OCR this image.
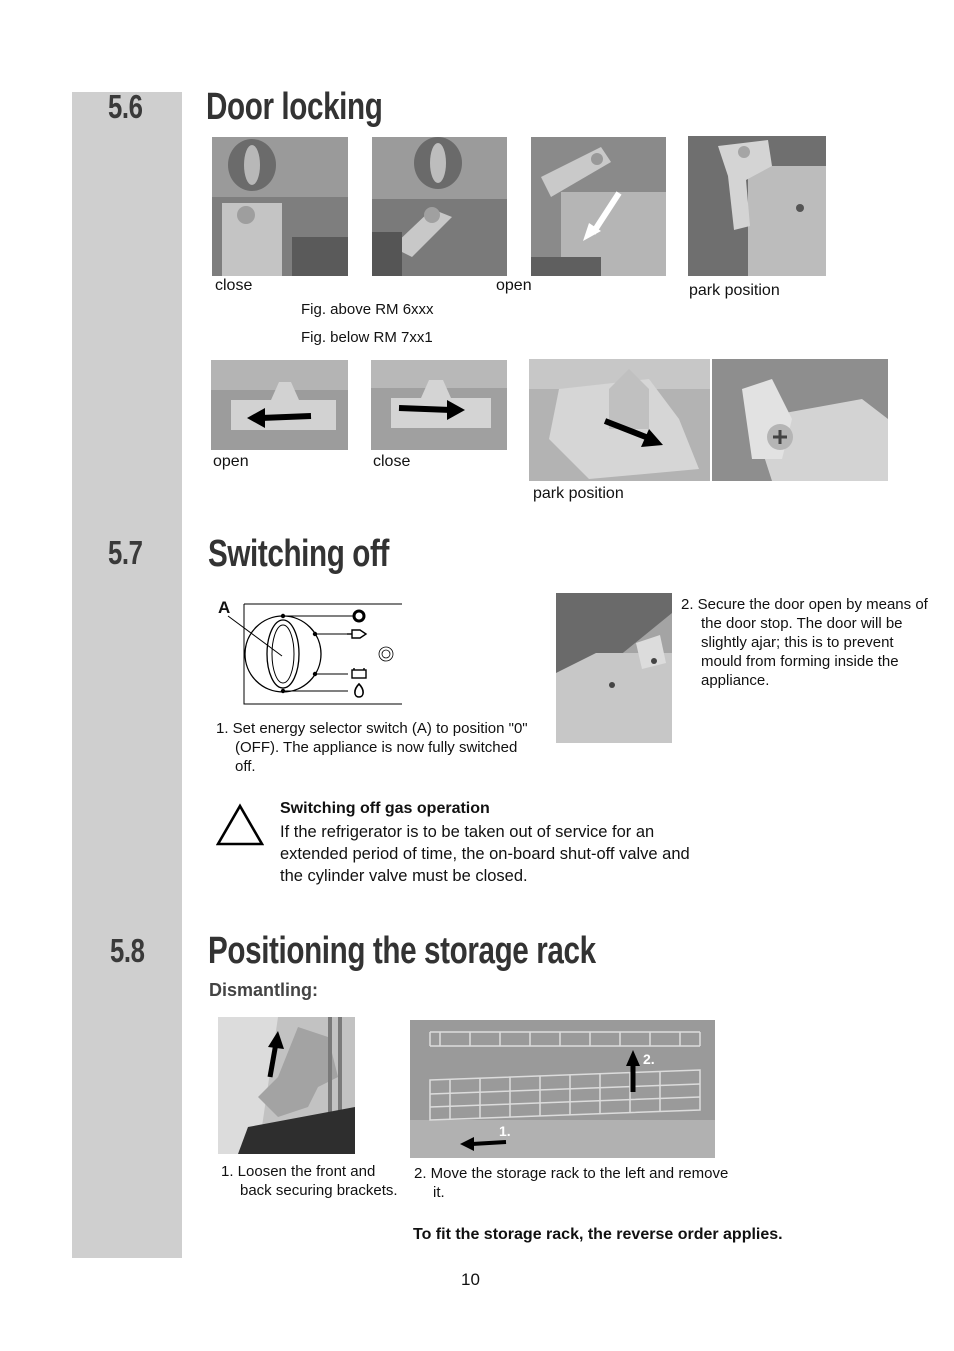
5.6 Door locking
close	open	park position
Fig. above RM 6xxx
Fig. below RM 7xx1
open	close
park position
5.7 Switching off
A
1. Set energy selector switch (A) to position "0" (OFF). The appliance is now fully switched off.
2. Secure the door open by means of the door stop. The door will be slightly ajar; this is to prevent mould from forming inside the appliance.
Switching off gas operation
If the refrigerator is to be taken out of service for an extended period of time, the on-board shut-off valve and the cylinder valve must be closed.
5.8 Positioning the storage rack
Dismantling:
2.
1.
1. Loosen the front and back securing brackets.
2. Move the storage rack to the left and remove it.
To fit the storage rack, the reverse order applies.
10
